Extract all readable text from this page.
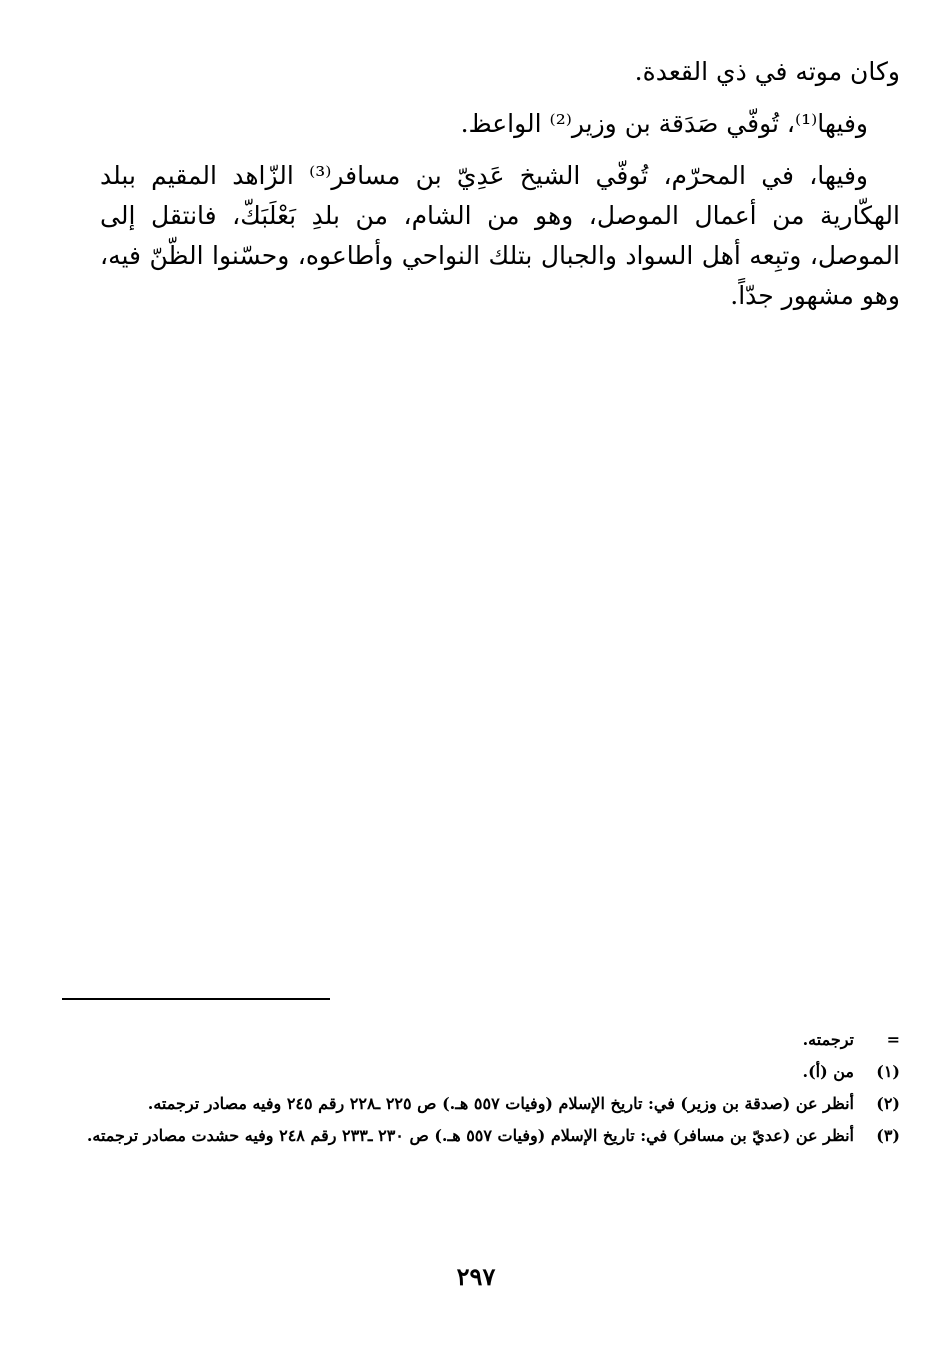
وكان موته في ذي القعدة.

وفيها⁽¹⁾، تُوفّي صَدَقة بن وزير⁽²⁾ الواعظ.

وفيها، في المحرّم، تُوفّي الشيخ عَدِيّ بن مسافر⁽³⁾ الزّاهد المقيم ببلد الهكّارية من أعمال الموصل، وهو من الشام، من بلدِ بَعْلَبَكّ، فانتقل إلى الموصل، وتبِعه أهل السواد والجبال بتلك النواحي وأطاعوه، وحسّنوا الظّنّ فيه، وهو مشهور جدّاً.

=
ترجمته.
(١)
من (أ).
(٢)
أنظر عن (صدقة بن وزير) في: تاريخ الإسلام (وفيات ٥٥٧ هـ.) ص ٢٢٥ ـ٢٢٨ رقم ٢٤٥ وفيه مصادر ترجمته.
(٣)
أنظر عن (عديّ بن مسافر) في: تاريخ الإسلام (وفيات ٥٥٧ هـ.) ص ٢٣٠ ـ٢٣٣ رقم ٢٤٨ وفيه حشدت مصادر ترجمته.
٢٩٧
